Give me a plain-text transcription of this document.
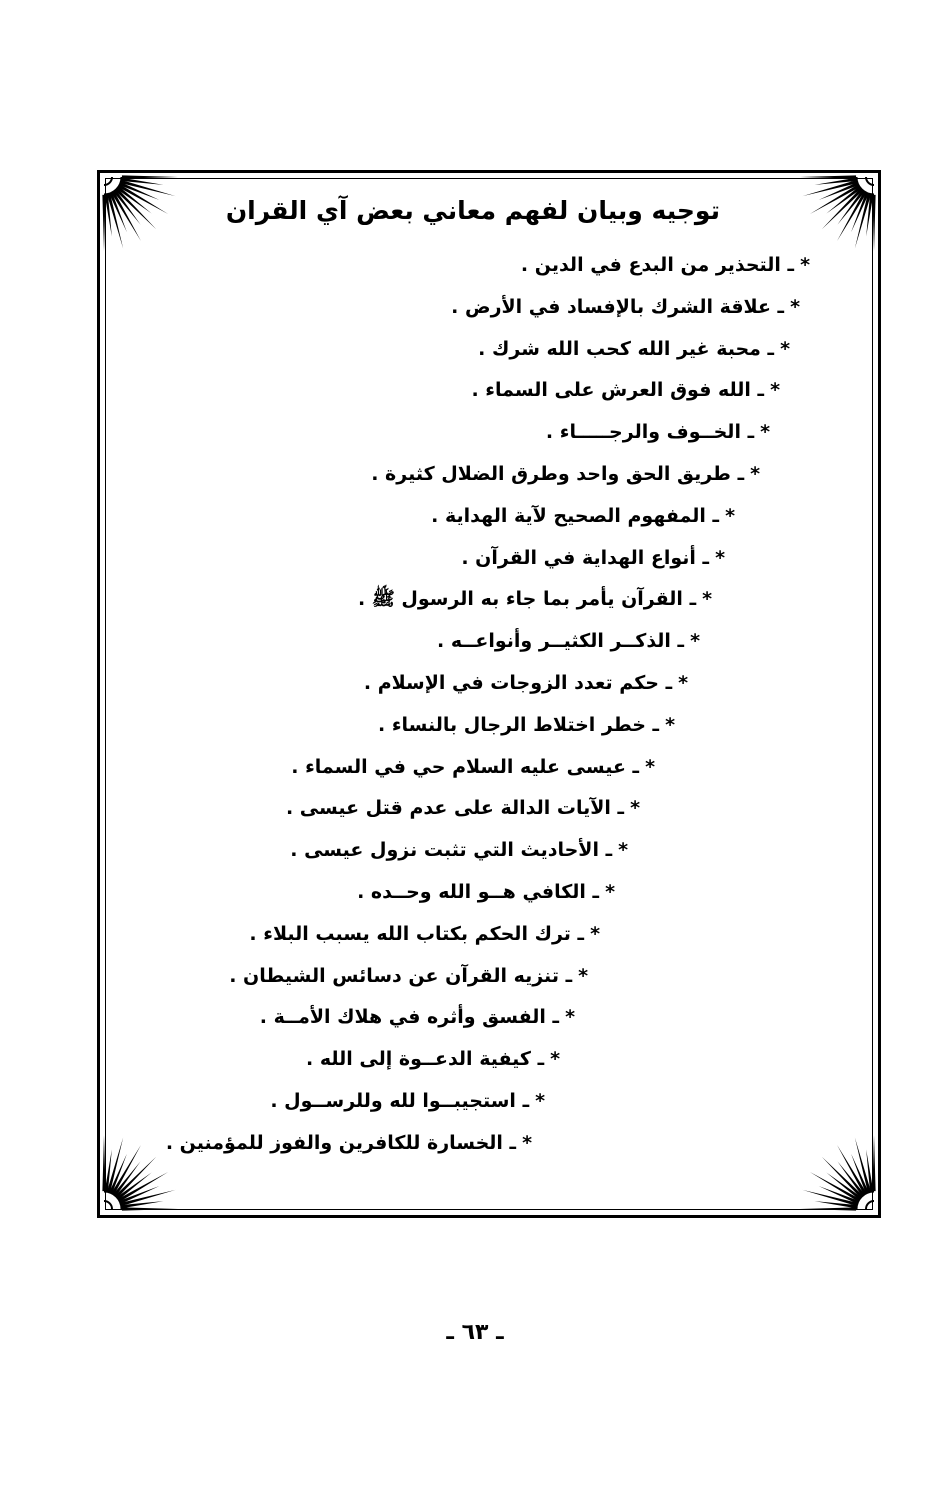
توجيه وبيان لفهم معاني بعض آي القران
*ـ التحذير من البدع في الدين .
*ـ علاقة الشرك بالإفساد في الأرض .
*ـ محبة غير الله كحب الله شرك .
*ـ الله فوق العرش على السماء .
*ـ الخــوف والرجـــــاء .
*ـ طريق الحق واحد وطرق الضلال كثيرة .
*ـ المفهوم الصحيح لآية الهداية .
*ـ أنواع الهداية في القرآن .
*ـ القرآن يأمر بما جاء به الرسول ﷺ .
*ـ الذكــر الكثيــر وأنواعــه .
*ـ حكم تعدد الزوجات في الإسلام .
*ـ خطر اختلاط الرجال بالنساء .
*ـ عيسى عليه السلام حي في السماء .
*ـ الآيات الدالة على عدم قتل عيسى .
*ـ الأحاديث التي تثبت نزول عيسى .
*ـ الكافي هــو الله وحــده .
*ـ ترك الحكم بكتاب الله يسبب البلاء .
*ـ تنزيه القرآن عن دسائس الشيطان .
*ـ الفسق وأثره في هلاك الأمــة .
*ـ كيفية الدعــوة إلى الله .
*ـ استجيبــوا لله وللرســول .
*ـ الخسارة للكافرين والفوز للمؤمنين .
ـ ٦٣ ـ
